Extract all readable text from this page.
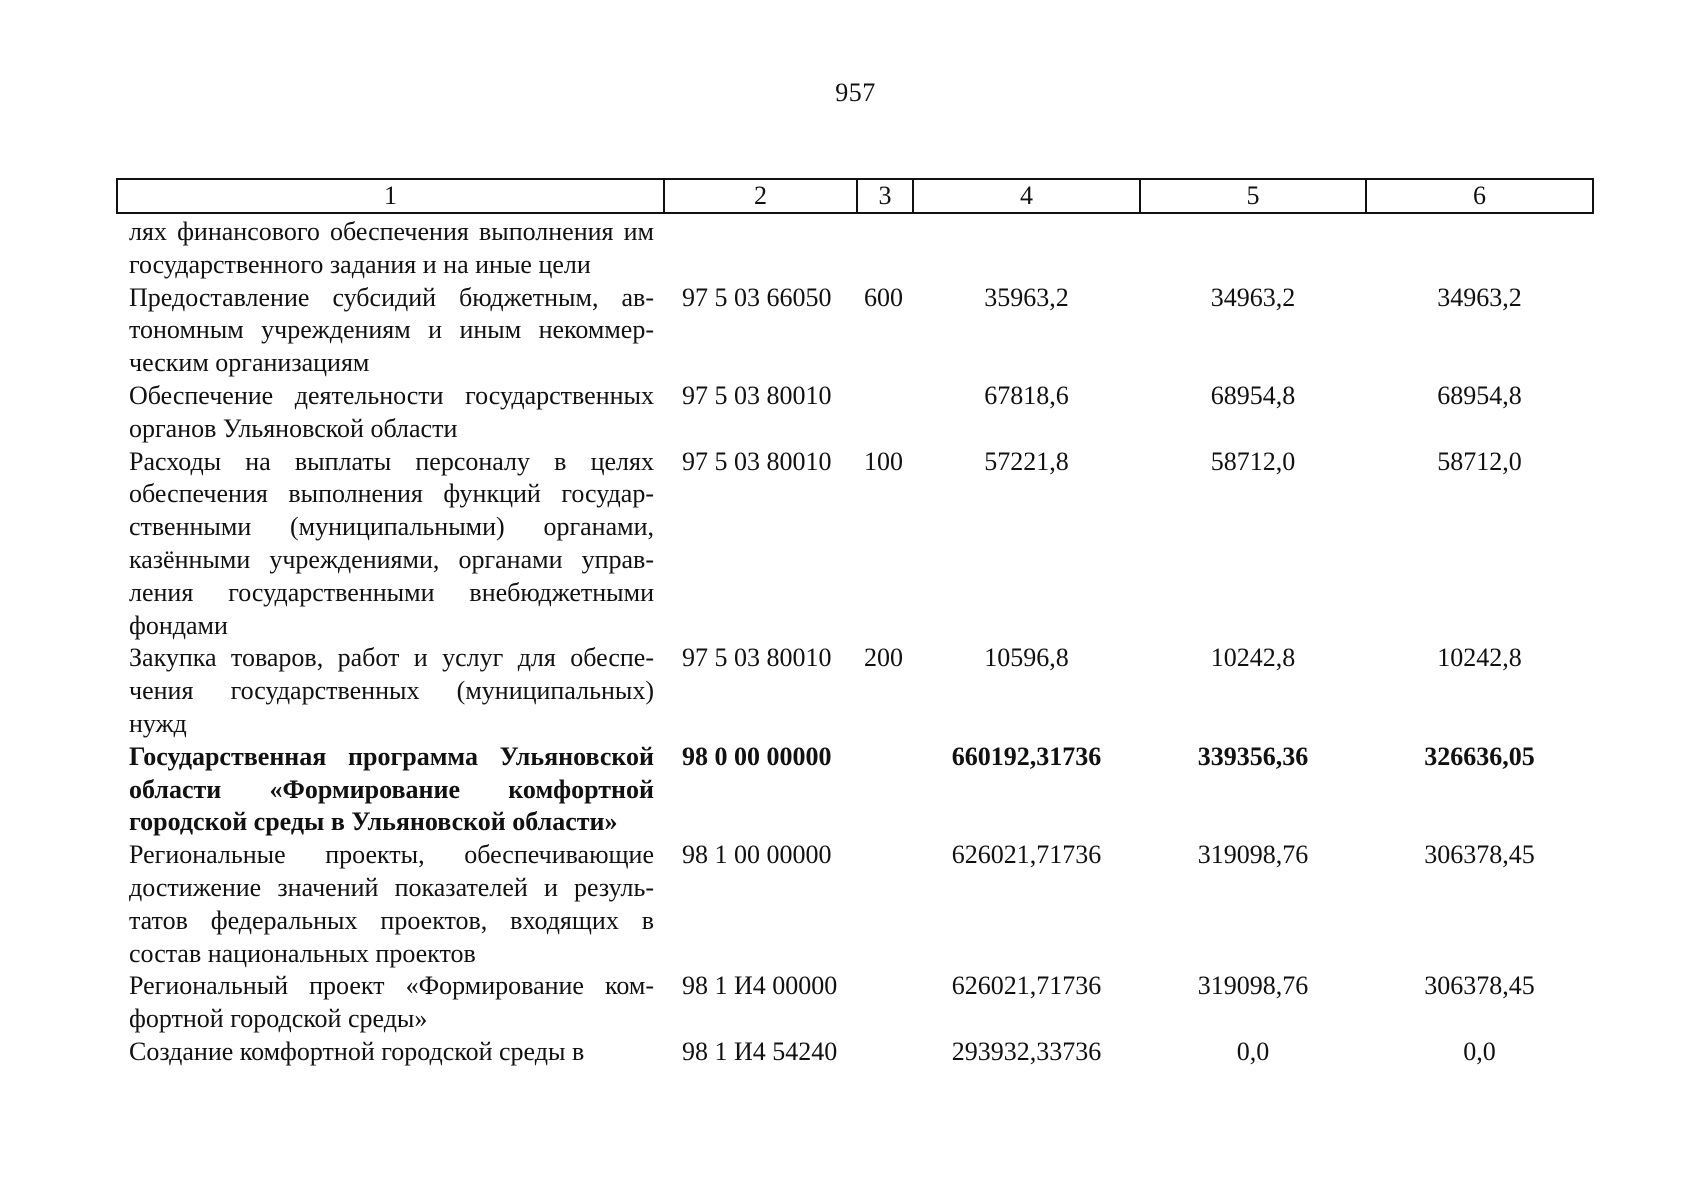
957
1	2	3	4	5	6
лях финансового обеспечения выполнения им государственного задания и на иные цели					
Предоставление субсидий бюджетным, автономным учреждениям и иным некоммерческим организациям	97 5 03 66050	600	35963,2	34963,2	34963,2
Обеспечение деятельности государственных органов Ульяновской области	97 5 03 80010		67818,6	68954,8	68954,8
Расходы на выплаты персоналу в целях обеспечения выполнения функций государственными (муниципальными) органами, казёнными учреждениями, органами управления государственными внебюджетными фондами	97 5 03 80010	100	57221,8	58712,0	58712,0
Закупка товаров, работ и услуг для обеспечения государственных (муниципальных) нужд	97 5 03 80010	200	10596,8	10242,8	10242,8
Государственная программа Ульяновской области «Формирование комфортной городской среды в Ульяновской области»	98 0 00 00000		660192,31736	339356,36	326636,05
Региональные проекты, обеспечивающие достижение значений показателей и результатов федеральных проектов, входящих в состав национальных проектов	98 1 00 00000		626021,71736	319098,76	306378,45
Региональный проект «Формирование комфортной городской среды»	98 1 И4 00000		626021,71736	319098,76	306378,45
Создание комфортной городской среды в	98 1 И4 54240		293932,33736	0,0	0,0
